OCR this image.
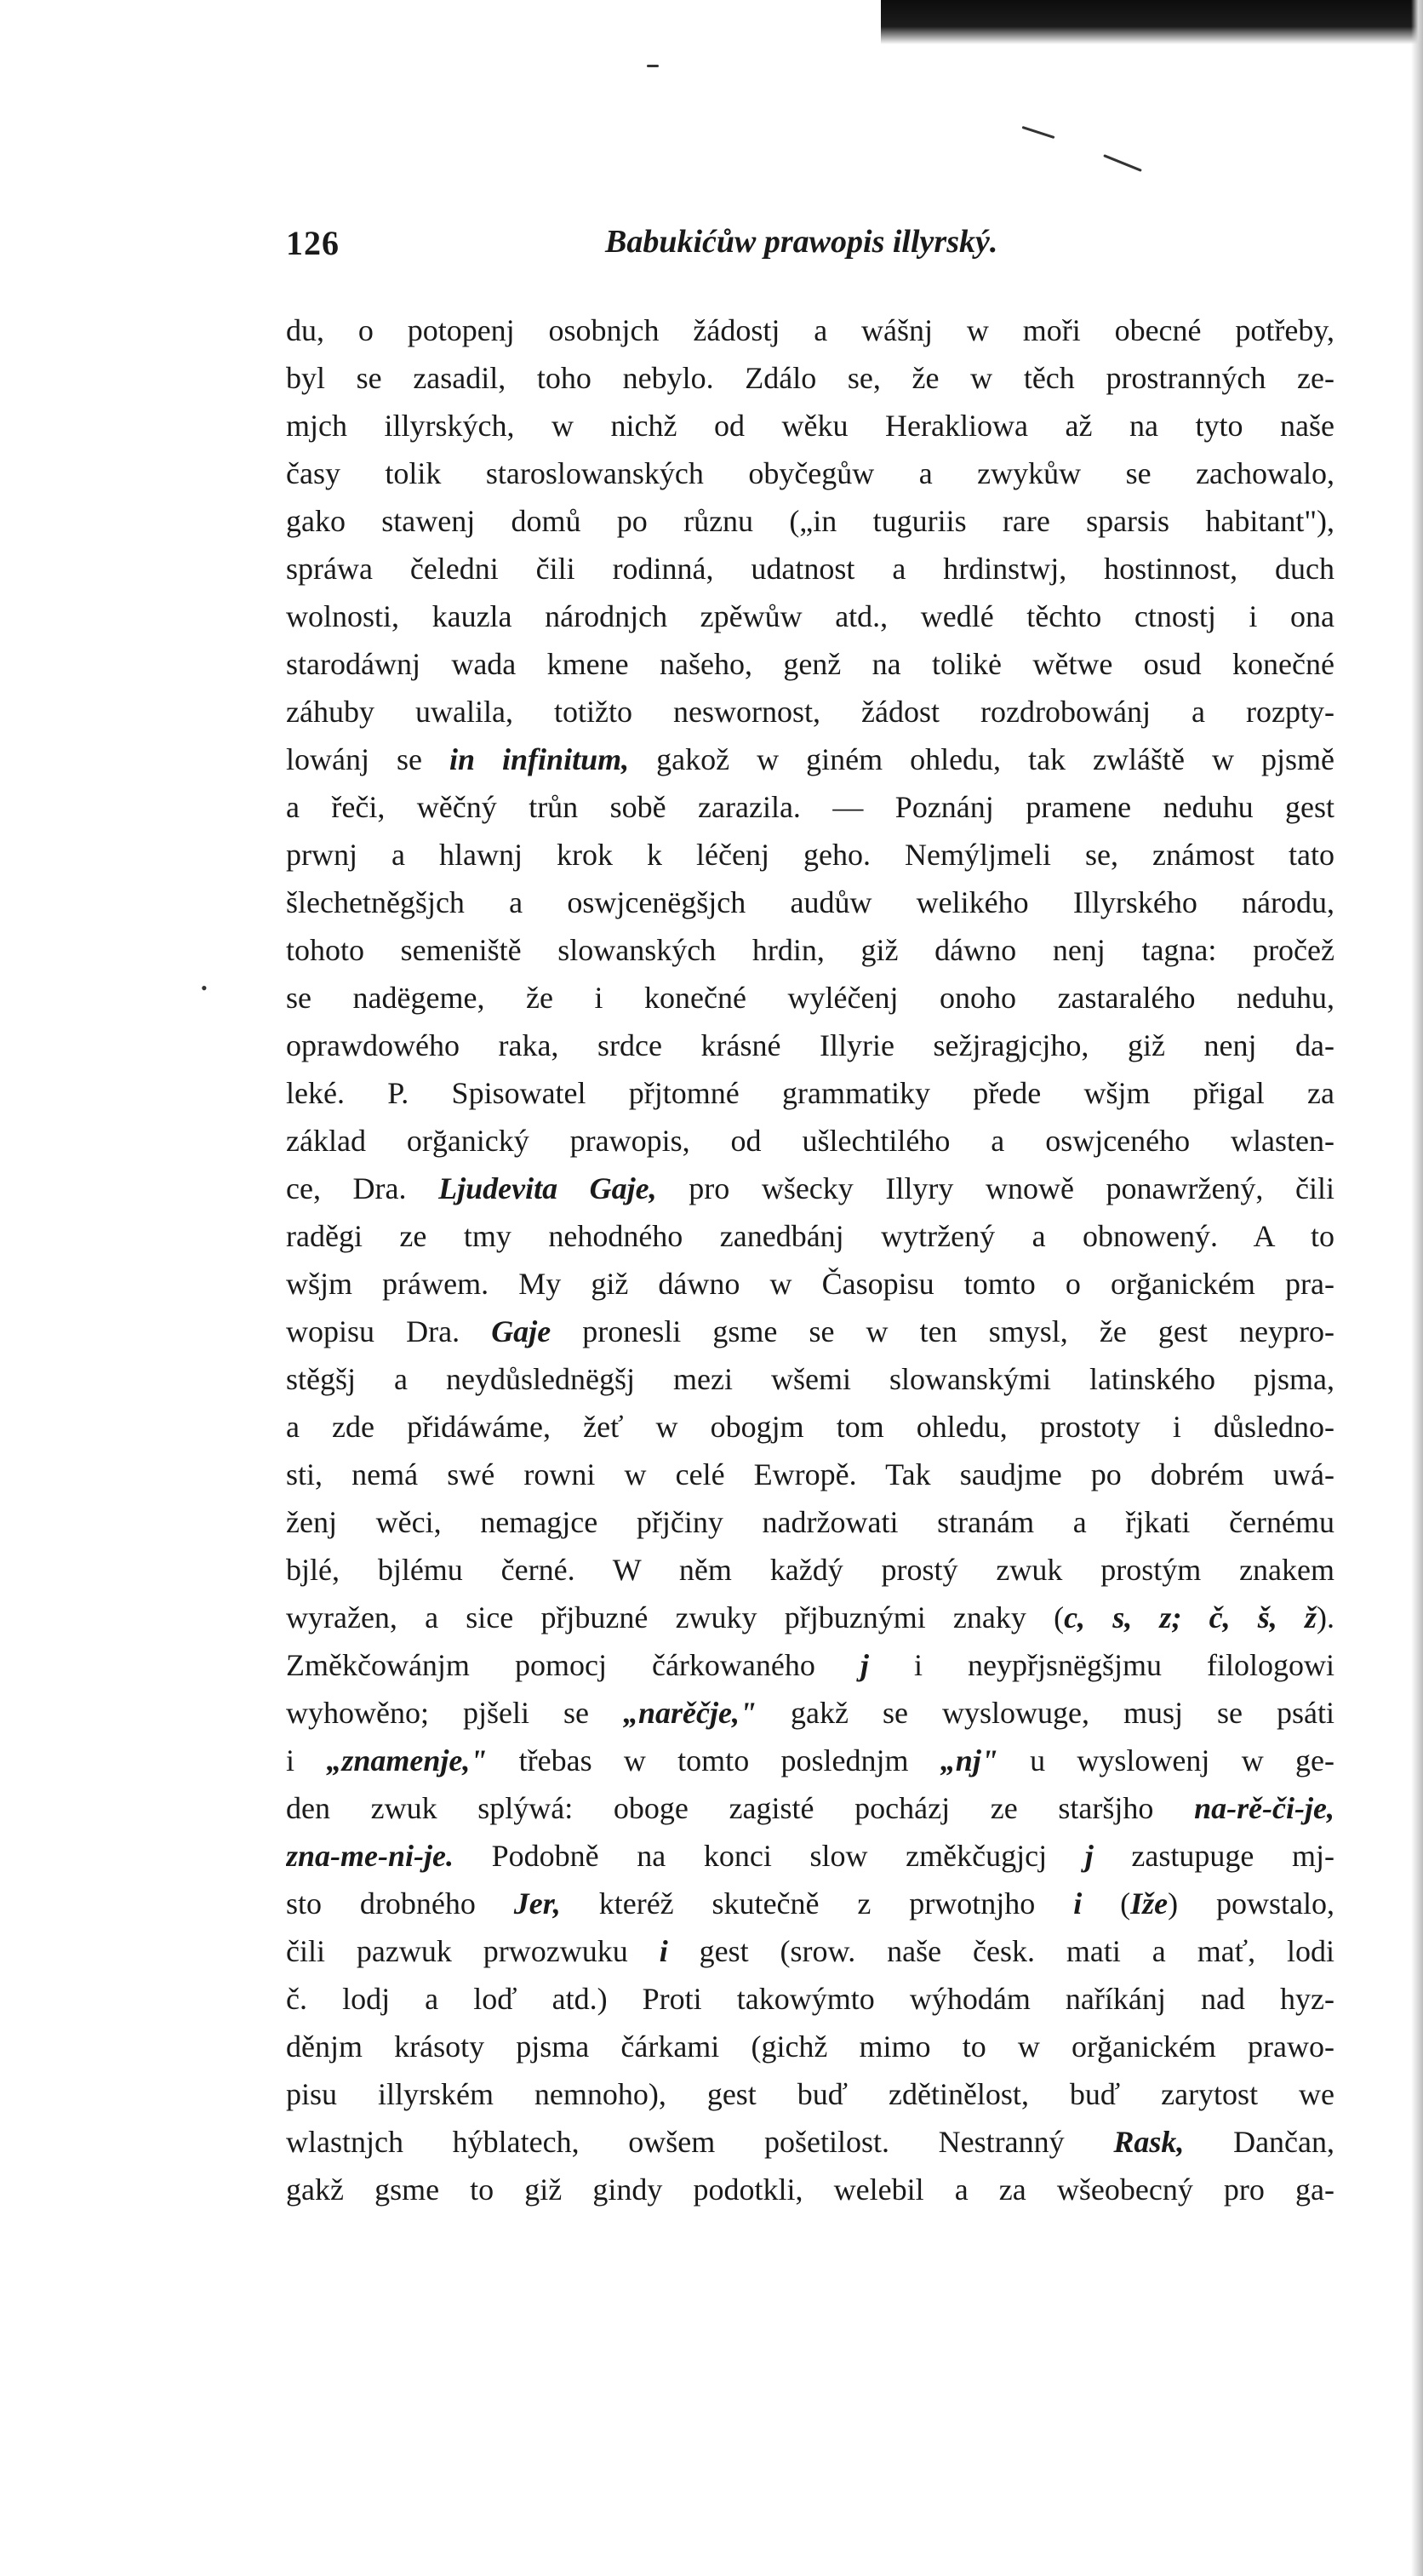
126	Babukićůw prawopis illyrský.
du, o potopenj osobnjch žádostj a wášnj w moři obecné potřeby,
byl se zasadil, toho nebylo. Zdálo se, že w těch prostranných ze-
mjch illyrských, w nichž od wěku Herakliowa až na tyto naše
časy tolik staroslowanských obyčegůw a zwykůw se zachowalo,
gako stawenj domů po různu („in tuguriis rare sparsis habitant"),
spráwa čeledni čili rodinná, udatnost a hrdinstwj, hostinnost, duch
wolnosti, kauzla národnjch zpěwůw atd., wedlé těchto ctnostj i ona
starodáwnj wada kmene našeho, genž na tolikė wětwe osud konečné
záhuby uwalila, totižto neswornost, žádost rozdrobowánj a rozpty-
lowánj se in infinitum, gakož w giném ohledu, tak zwláště w pjsmě
a řeči, wěčný trůn sobě zarazila. — Poznánj pramene neduhu gest
prwnj a hlawnj krok k léčenj geho. Nemýljmeli se, známost tato
šlechetněgšjch a oswjcenëgšjch audůw welikého Illyrského národu,
tohoto semeniště slowanských hrdin, giž dáwno nenj tagna: pročež
se nadëgeme, že i konečné wyléčenj onoho zastaralého neduhu,
oprawdowého raka, srdce krásné Illyrie sežjragjcjho, giž nenj da-
leké. P. Spisowatel přjtomné grammatiky přede wšjm přigal za
základ orğanický prawopis, od ušlechtilého a oswjceného wlasten-
ce, Dra. Ljudevita Gaje, pro wšecky Illyry wnowě ponawržený, čili
raděgi ze tmy nehodného zanedbánj wytržený a obnowený. A to
wšjm práwem. My giž dáwno w Časopisu tomto o orğanickém pra-
wopisu Dra. Gaje pronesli gsme se w ten smysl, že gest neypro-
stěgšj a neydůslednëgšj mezi wšemi slowanskými latinského pjsma,
a zde přidáwáme, žeť w obogjm tom ohledu, prostoty i důsledno-
sti, nemá swé rowni w celé Ewropě. Tak saudjme po dobrém uwá-
ženj wěci, nemagjce přjčiny nadržowati stranám a řjkati černému
bjlé, bjlému černé. W něm každý prostý zwuk prostým znakem
wyražen, a sice přjbuzné zwuky přjbuznými znaky (c, s, z; č, š, ž).
Změkčowánjm pomocj čárkowaného j i neypřjsnëgšjmu filologowi
wyhowěno; pjšeli se „narěčje," gakž se wyslowuge, musj se psáti
i „znamenje," třebas w tomto poslednjm „nj" u wyslowenj w ge-
den zwuk splýwá: oboge zagisté pocházj ze staršjho na-rě-či-je,
zna-me-ni-je. Podobně na konci slow změkčugjcj j zastupuge mj-
sto drobného Jer, kteréž skutečně z prwotnjho i (Iže) powstalo,
čili pazwuk prwozwuku i gest (srow. naše česk. mati a mať, lodi
č. lodj a loď atd.) Proti takowýmto wýhodám naříkánj nad hyz-
děnjm krásoty pjsma čárkami (gichž mimo to w orğanickém prawo-
pisu illyrském nemnoho), gest buď zdětinělost, buď zarytost we
wlastnjch hýblatech, owšem pošetilost. Nestranný Rask, Dančan,
gakž gsme to giž gindy podotkli, welebil a za wšeobecný pro ga-
•
